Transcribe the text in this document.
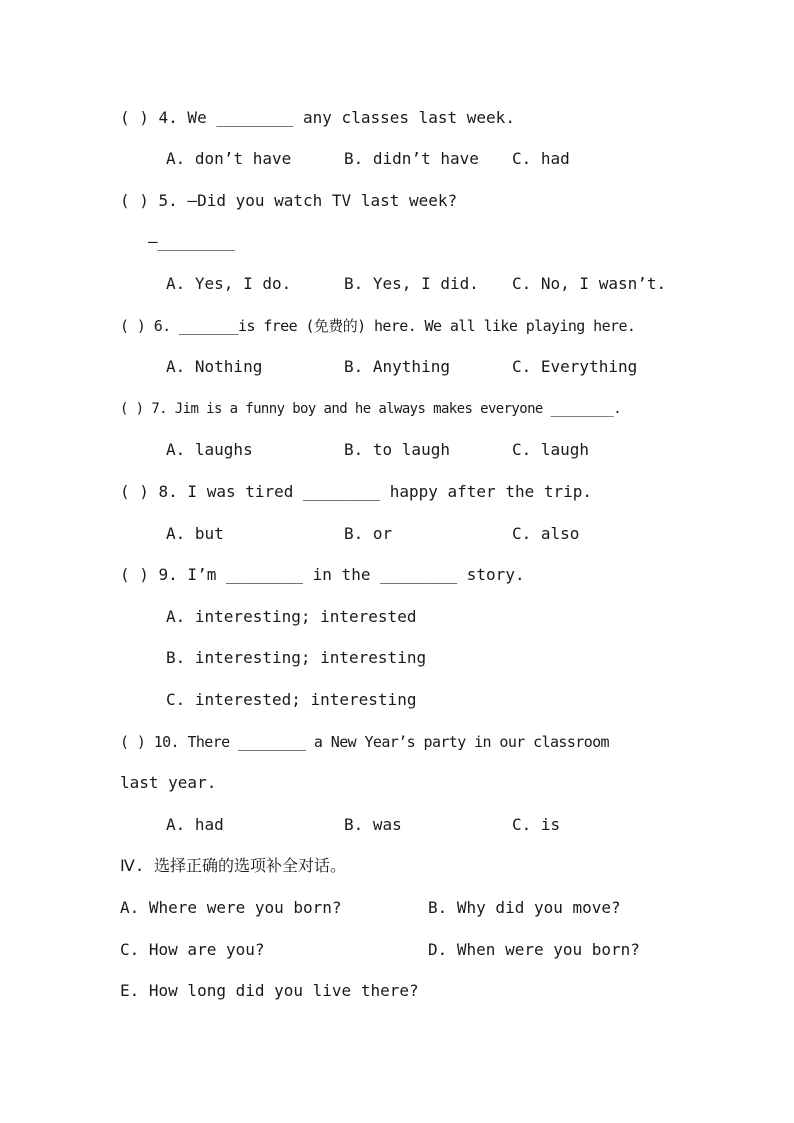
( ) 4. We ________ any classes last week.
A. don’t have	B. didn’t have C. had
( ) 5. —Did you watch TV last week?
—________
A. Yes, I do.	B. Yes, I did. C. No, I wasn’t.
( ) 6. _______is free (免费的) here. We all like playing here.
A. Nothing	B. Anything	C. Everything
( ) 7. Jim is a funny boy and he always makes everyone ________.
A. laughs	B. to laugh	C. laugh
( ) 8. I was tired ________ happy after the trip.
A. but	B. or	C. also
( ) 9. I’m ________ in the ________ story.
A. interesting; interested
B. interesting; interesting
C. interested; interesting
( ) 10. There ________ a New Year’s party in our classroom
last year.
A. had	B. was	C. is
Ⅳ. 选择正确的选项补全对话。
A. Where were you born?	B. Why did you move?
C. How are you?	D. When were you born?
E. How long did you live there?
